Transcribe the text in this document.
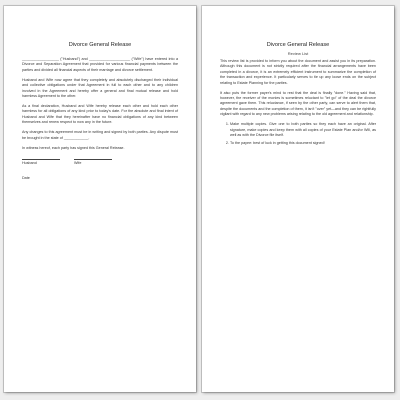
Divorce General Release

__________________ ("Husband") and ____________________ ("Wife") have entered into a Divorce and Separation Agreement that provided for various financial payments between the parties and divided all financial aspects of their marriage and divorce settlement.

Husband and Wife now agree that they completely and absolutely discharged their individual and collective obligations under that Agreement in full to each other and to any children involved in the Agreement and hereby offer a general and final mutual release and hold harmless Agreement to the other.

As a final declaration, Husband and Wife hereby release each other and hold each other harmless for all obligations of any kind prior to today's date. For the absolute and final intent of Husband and Wife that they hereinafter have no financial obligations of any kind between themselves and renew respect to now any in the future.

Any changes to this agreement must be in writing and signed by both parties. Any dispute must be brought in the state of ____________.

In witness hereof, each party has signed this General Release.

Husband	Wife
Date
Divorce General Release
Review List

This review list is provided to inform you about the document and assist you in its preparation. Although this document is not strictly required after the financial arrangements have been completed in a divorce, it is an extremely efficient instrument to summarize the completion of the transaction and experience. It particularly serves to tie up any loose ends on the subject relating to Estate Planning for the parties.

It also puts the former payer's mind to rest that the deal is finally "done." Having said that, however, the receiver of the monies is sometimes reluctant to "let go" of the deal the divorce agreement gave them. This reluctance, if seen by the other party, can serve to alert them that, despite the documents and the completion of them, it isn't "over" yet—and they can be rightfully vigilant with regard to any new problems arising relating to the old agreement and relationship.

1. Make multiple copies. Give one to both parties so they each have an original. After signature, make copies and keep them with all copies of your Estate Plan and/or Will, as well as with the Divorce file itself.
2. To the payee: best of luck in getting this document signed!
